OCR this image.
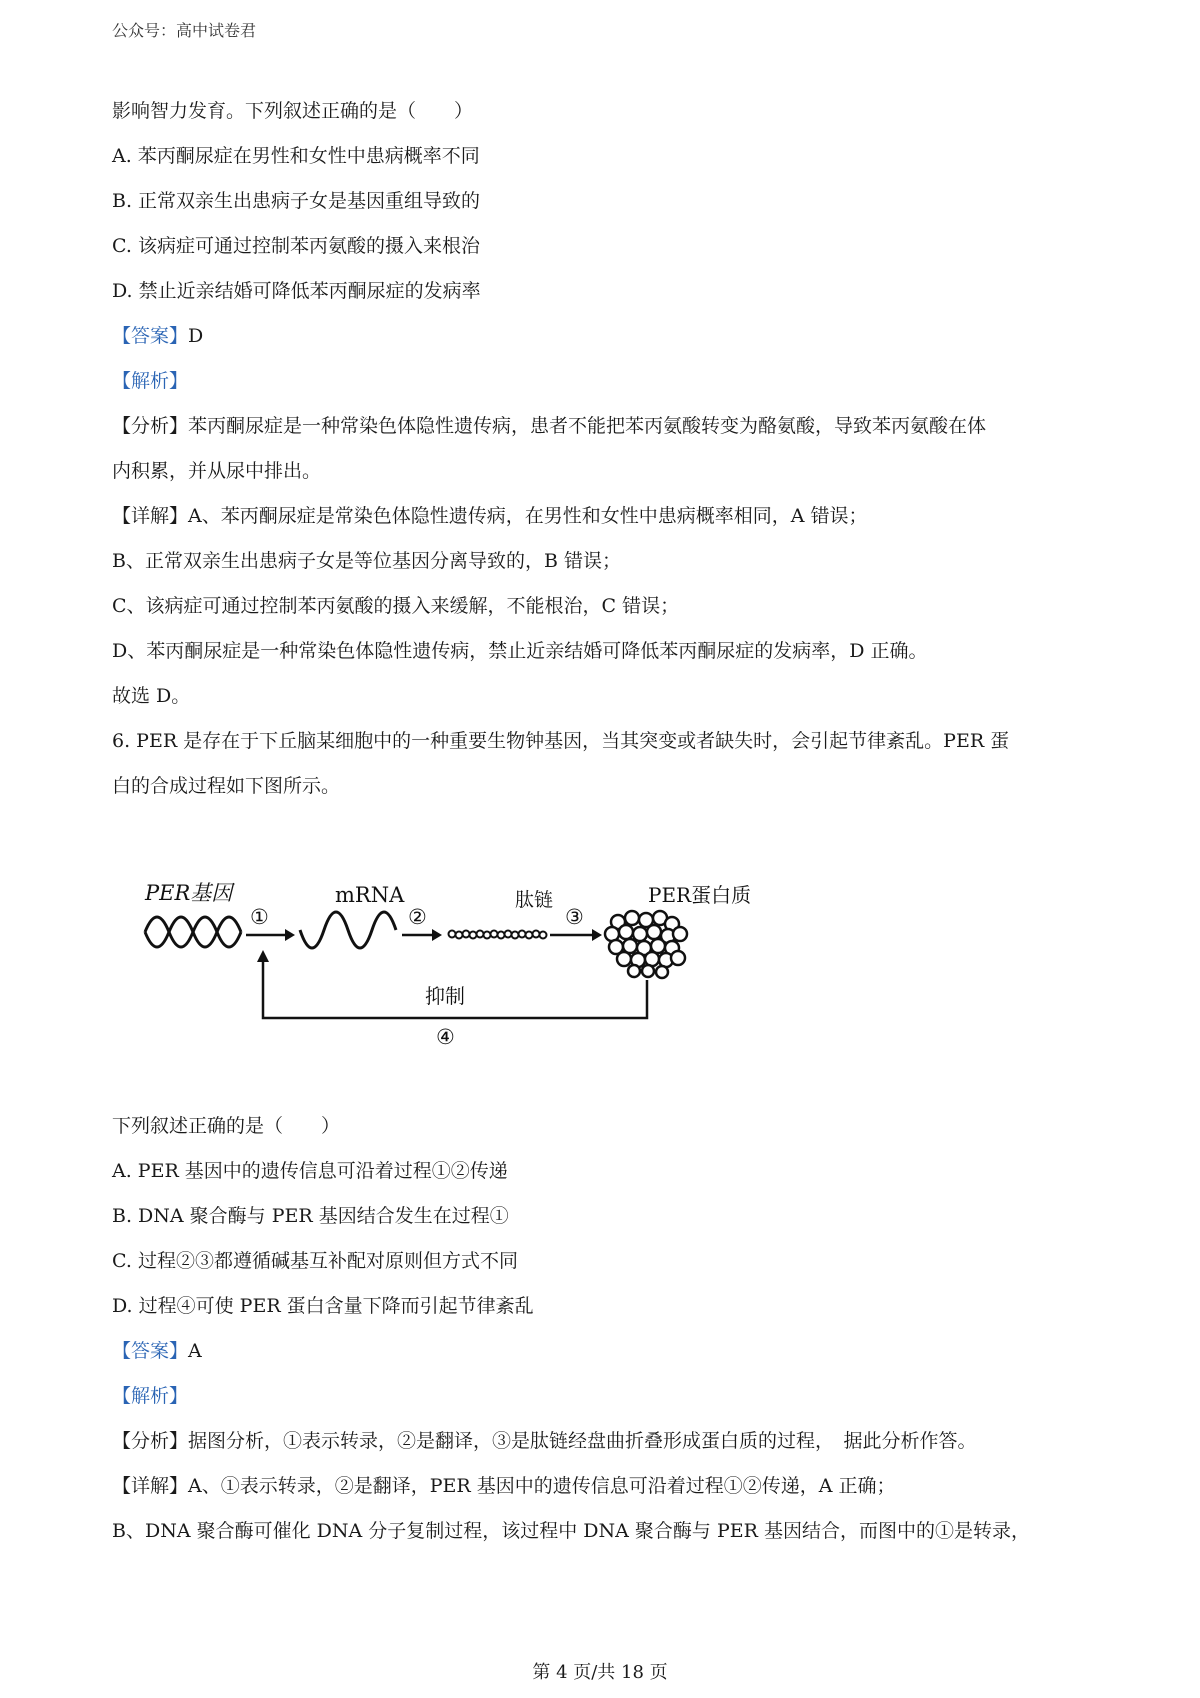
公众号：高中试卷君
影响智力发育。下列叙述正确的是（　　）
A. 苯丙酮尿症在男性和女性中患病概率不同
B. 正常双亲生出患病子女是基因重组导致的
C. 该病症可通过控制苯丙氨酸的摄入来根治
D. 禁止近亲结婚可降低苯丙酮尿症的发病率
【答案】D
【解析】
【分析】苯丙酮尿症是一种常染色体隐性遗传病，患者不能把苯丙氨酸转变为酪氨酸，导致苯丙氨酸在体
内积累，并从尿中排出。
【详解】A、苯丙酮尿症是常染色体隐性遗传病，在男性和女性中患病概率相同，A 错误；
B、正常双亲生出患病子女是等位基因分离导致的，B 错误；
C、该病症可通过控制苯丙氨酸的摄入来缓解，不能根治，C 错误；
D、苯丙酮尿症是一种常染色体隐性遗传病，禁止近亲结婚可降低苯丙酮尿症的发病率，D 正确。
故选 D。
6. PER 是存在于下丘脑某细胞中的一种重要生物钟基因，当其突变或者缺失时，会引起节律紊乱。PER 蛋
白的合成过程如下图所示。
PER基因	mRNA	肽链	PER蛋白质
①	②	③
抑制
④
下列叙述正确的是（　　）
A. PER 基因中的遗传信息可沿着过程①②传递
B. DNA 聚合酶与 PER 基因结合发生在过程①
C. 过程②③都遵循碱基互补配对原则但方式不同
D. 过程④可使 PER 蛋白含量下降而引起节律紊乱
【答案】A
【解析】
【分析】据图分析，①表示转录，②是翻译，③是肽链经盘曲折叠形成蛋白质的过程，　据此分析作答。
【详解】A、①表示转录，②是翻译，PER 基因中的遗传信息可沿着过程①②传递，A 正确；
B、DNA 聚合酶可催化 DNA 分子复制过程，该过程中 DNA 聚合酶与 PER 基因结合，而图中的①是转录，
第 4 页/共 18 页
